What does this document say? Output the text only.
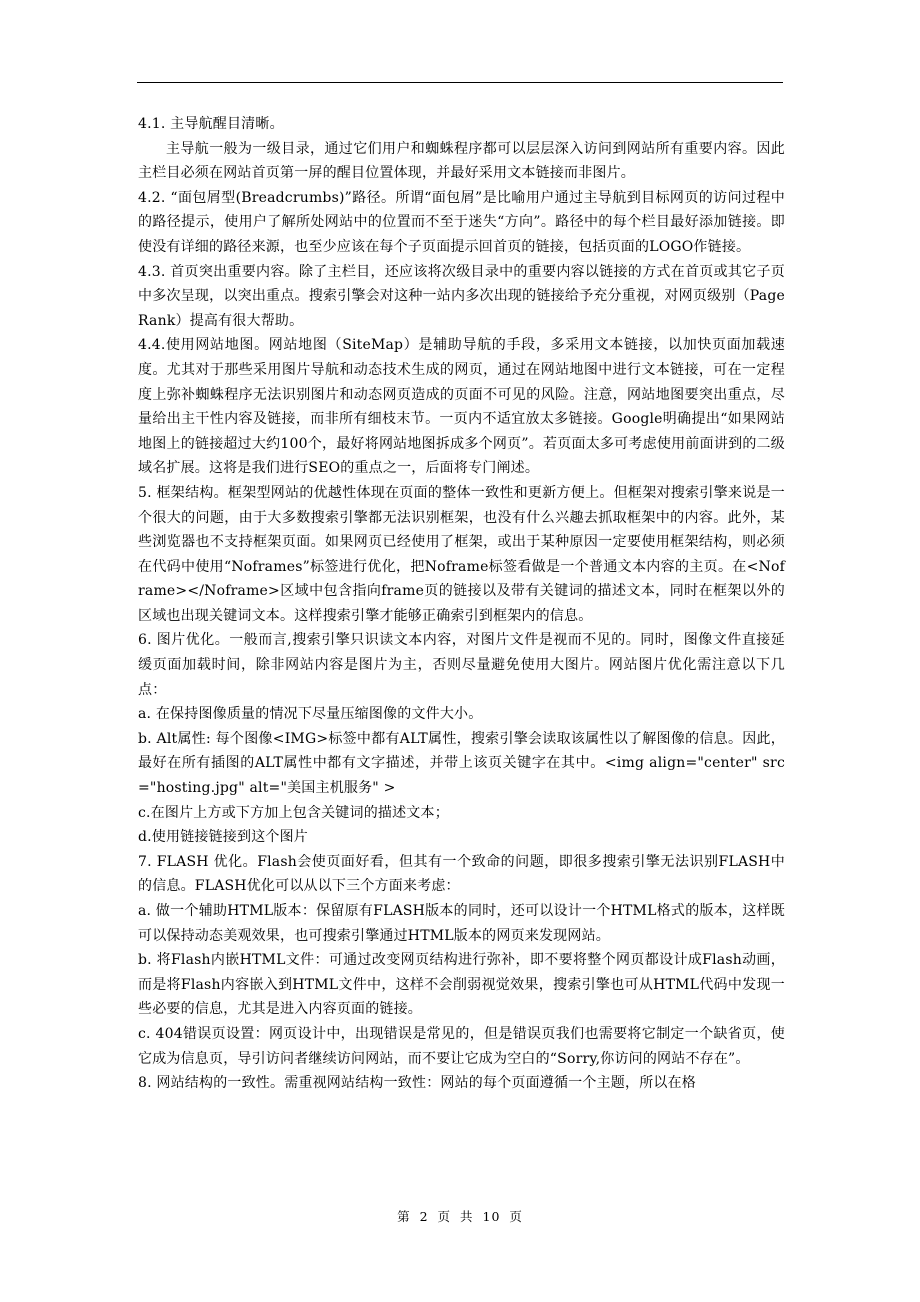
4.1. 主导航醒目清晰。

主导航一般为一级目录，通过它们用户和蜘蛛程序都可以层层深入访问到网站所有重要内容。因此主栏目必须在网站首页第一屏的醒目位置体现，并最好采用文本链接而非图片。

4.2. “面包屑型(Breadcrumbs)”路径。所谓“面包屑”是比喻用户通过主导航到目标网页的访问过程中的路径提示，使用户了解所处网站中的位置而不至于迷失“方向”。路径中的每个栏目最好添加链接。即使没有详细的路径来源，也至少应该在每个子页面提示回首页的链接，包括页面的LOGO作链接。

4.3. 首页突出重要内容。除了主栏目，还应该将次级目录中的重要内容以链接的方式在首页或其它子页中多次呈现，以突出重点。搜索引擎会对这种一站内多次出现的链接给予充分重视，对网页级别（PageRank）提高有很大帮助。

4.4.使用网站地图。网站地图（SiteMap）是辅助导航的手段，多采用文本链接，以加快页面加载速度。尤其对于那些采用图片导航和动态技术生成的网页，通过在网站地图中进行文本链接，可在一定程度上弥补蜘蛛程序无法识别图片和动态网页造成的页面不可见的风险。注意，网站地图要突出重点，尽量给出主干性内容及链接，而非所有细枝末节。一页内不适宜放太多链接。Google明确提出“如果网站地图上的链接超过大约100个，最好将网站地图拆成多个网页”。若页面太多可考虑使用前面讲到的二级域名扩展。这将是我们进行SEO的重点之一，后面将专门阐述。

5. 框架结构。框架型网站的优越性体现在页面的整体一致性和更新方便上。但框架对搜索引擎来说是一个很大的问题，由于大多数搜索引擎都无法识别框架，也没有什么兴趣去抓取框架中的内容。此外，某些浏览器也不支持框架页面。如果网页已经使用了框架，或出于某种原因一定要使用框架结构，则必须在代码中使用“Noframes”标签进行优化，把Noframe标签看做是一个普通文本内容的主页。在<Noframe></Noframe>区域中包含指向frame页的链接以及带有关键词的描述文本，同时在框架以外的区域也出现关键词文本。这样搜索引擎才能够正确索引到框架内的信息。

6. 图片优化。一般而言,搜索引擎只识读文本内容，对图片文件是视而不见的。同时，图像文件直接延缓页面加载时间，除非网站内容是图片为主，否则尽量避免使用大图片。网站图片优化需注意以下几点：

a. 在保持图像质量的情况下尽量压缩图像的文件大小。

b. Alt属性: 每个图像<IMG>标签中都有ALT属性，搜索引擎会读取该属性以了解图像的信息。因此，最好在所有插图的ALT属性中都有文字描述，并带上该页关键字在其中。<img align="center" src="hosting.jpg" alt="美国主机服务" >

c.在图片上方或下方加上包含关键词的描述文本；

d.使用链接链接到这个图片

7. FLASH 优化。Flash会使页面好看，但其有一个致命的问题，即很多搜索引擎无法识别FLASH中的信息。FLASH优化可以从以下三个方面来考虑：

a. 做一个辅助HTML版本：保留原有FLASH版本的同时，还可以设计一个HTML格式的版本，这样既可以保持动态美观效果，也可搜索引擎通过HTML版本的网页来发现网站。

b. 将Flash内嵌HTML文件：可通过改变网页结构进行弥补，即不要将整个网页都设计成Flash动画，而是将Flash内容嵌入到HTML文件中，这样不会削弱视觉效果，搜索引擎也可从HTML代码中发现一些必要的信息，尤其是进入内容页面的链接。

c. 404错误页设置：网页设计中，出现错误是常见的，但是错误页我们也需要将它制定一个缺省页，使它成为信息页，导引访问者继续访问网站，而不要让它成为空白的“Sorry,你访问的网站不存在”。

8. 网站结构的一致性。需重视网站结构一致性：网站的每个页面遵循一个主题，所以在格

第 2 页 共 10 页
